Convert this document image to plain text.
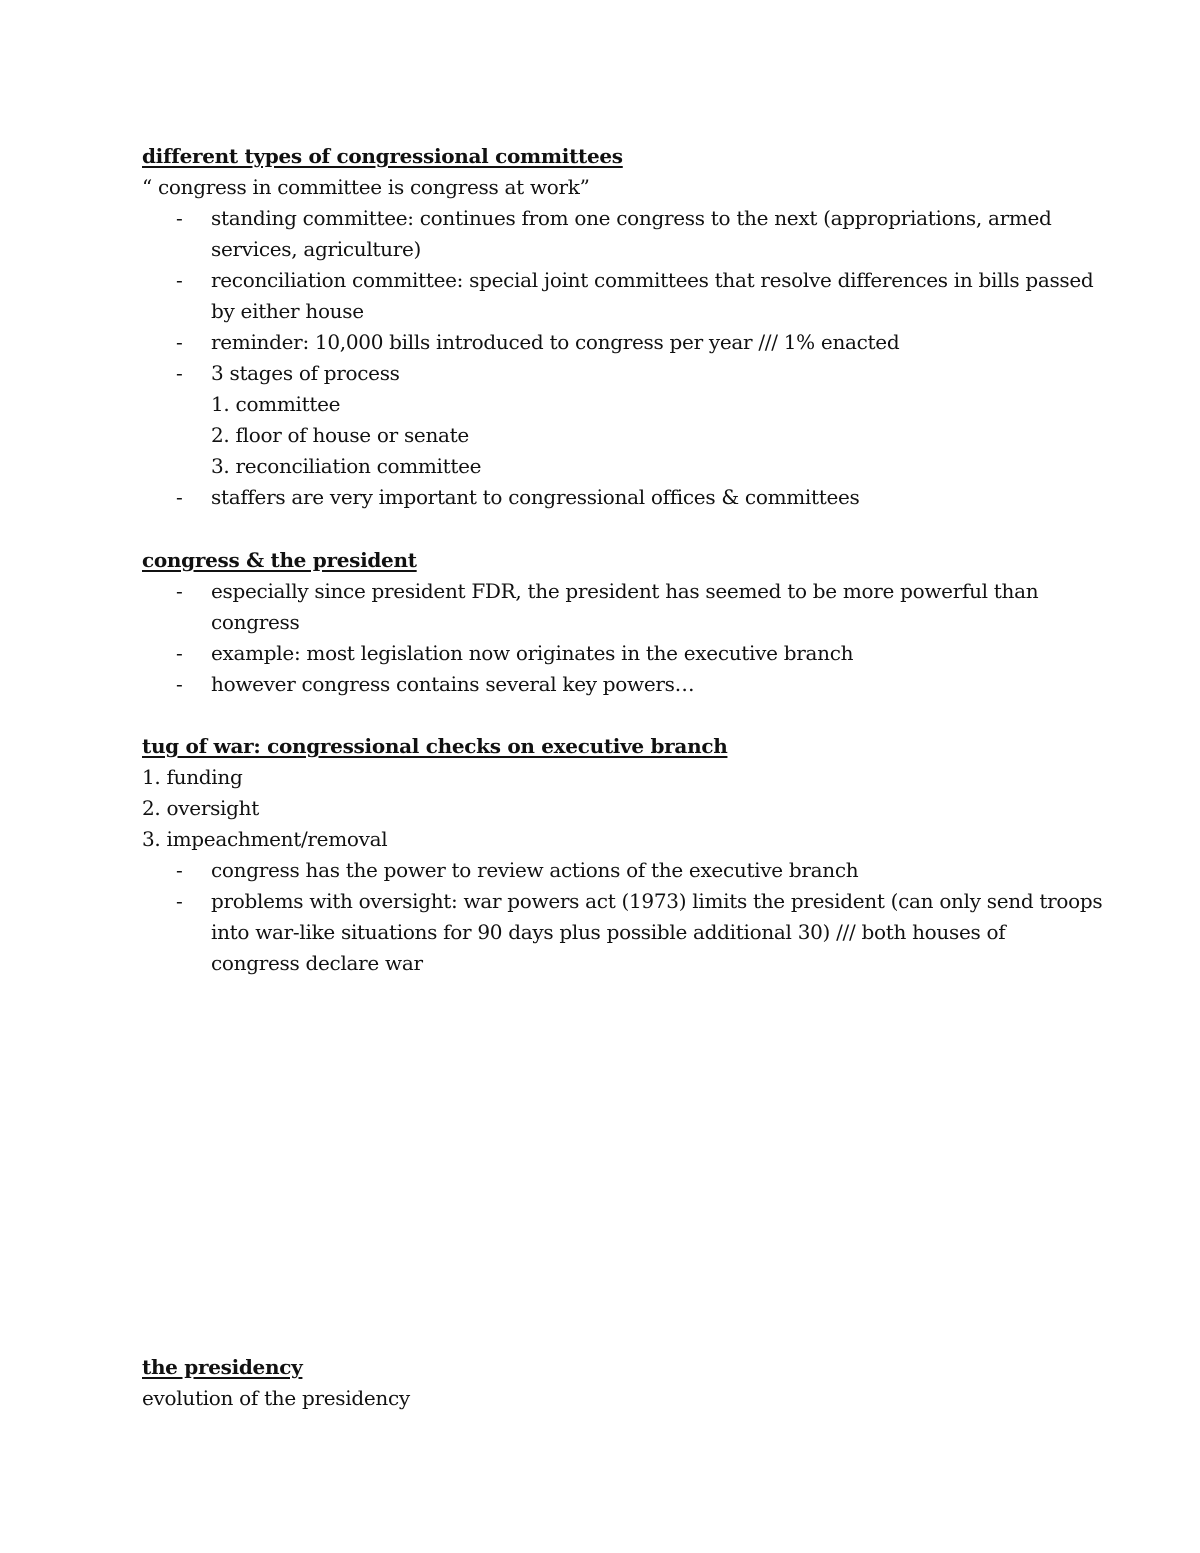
different types of congressional committees
“ congress in committee is congress at work”
- standing committee: continues from one congress to the next (appropriations, armed
services, agriculture)
- reconciliation committee: special joint committees that resolve differences in bills passed
by either house
- reminder: 10,000 bills introduced to congress per year /// 1% enacted
- 3 stages of process
1. committee
2. floor of house or senate
3. reconciliation committee
- staffers are very important to congressional offices & committees
congress & the president
- especially since president FDR, the president has seemed to be more powerful than
congress
- example: most legislation now originates in the executive branch
- however congress contains several key powers…
tug of war: congressional checks on executive branch
1. funding
2. oversight
3. impeachment/removal
- congress has the power to review actions of the executive branch
- problems with oversight: war powers act (1973) limits the president (can only send troops
into war-like situations for 90 days plus possible additional 30) /// both houses of
congress declare war
the presidency
evolution of the presidency
